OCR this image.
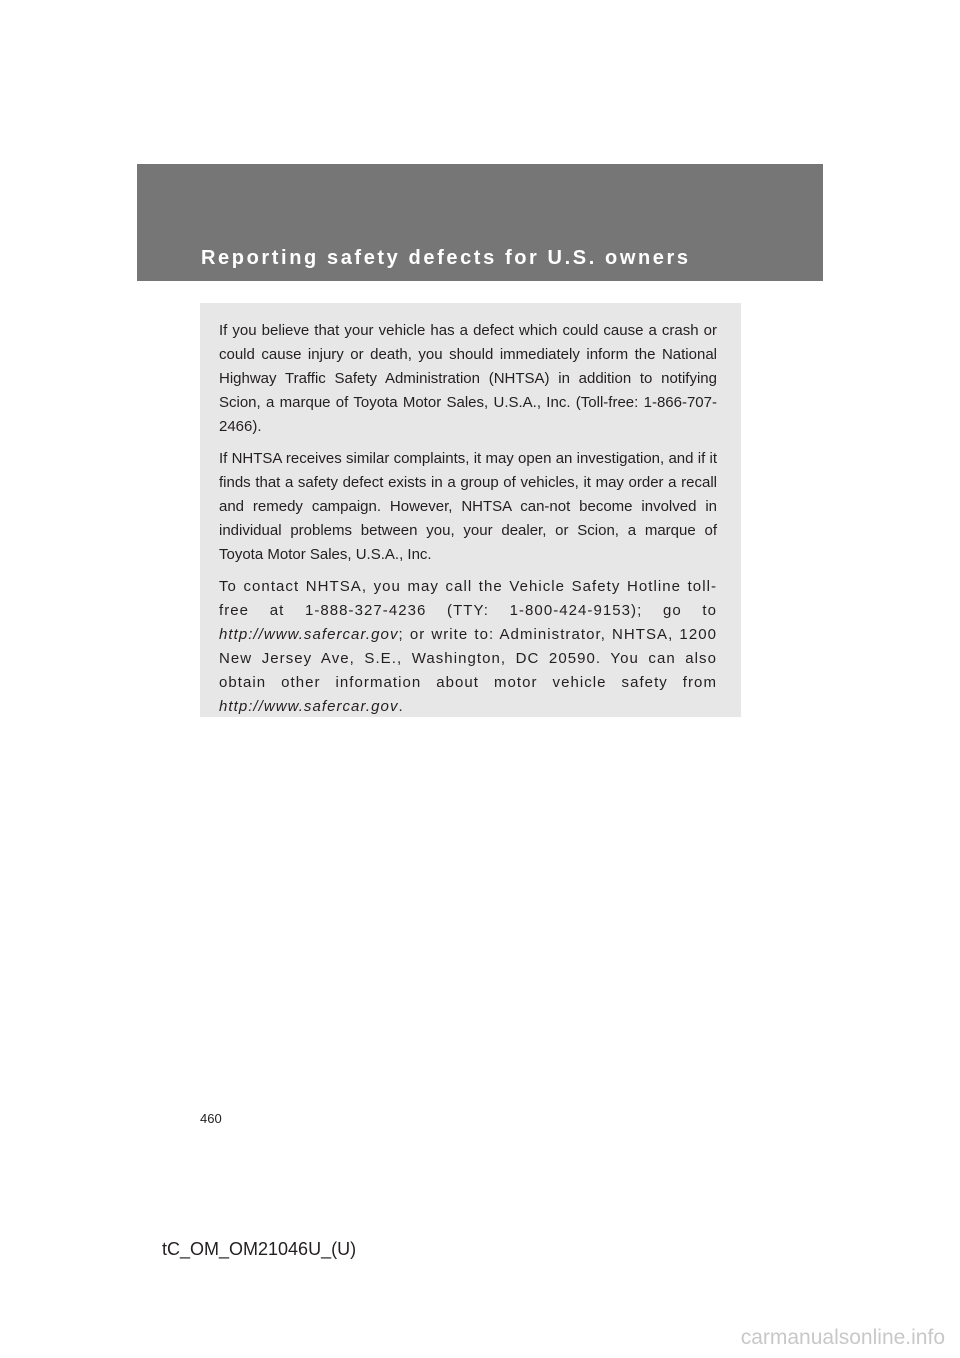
Reporting safety defects for U.S. owners

If you believe that your vehicle has a defect which could cause a crash or could cause injury or death, you should immediately inform the National Highway Traffic Safety Administration (NHTSA) in addition to notifying Scion, a marque of Toyota Motor Sales, U.S.A., Inc. (Toll-free: 1-866-707-2466).

If NHTSA receives similar complaints, it may open an investigation, and if it finds that a safety defect exists in a group of vehicles, it may order a recall and remedy campaign. However, NHTSA can-not become involved in individual problems between you, your dealer, or Scion, a marque of Toyota Motor Sales, U.S.A., Inc.

To contact NHTSA, you may call the Vehicle Safety Hotline toll-free at 1-888-327-4236 (TTY: 1-800-424-9153); go to http://www.safercar.gov; or write to: Administrator, NHTSA, 1200 New Jersey Ave, S.E., Washington, DC 20590. You can also obtain other information about motor vehicle safety from http://www.safercar.gov.

460
tC_OM_OM21046U_(U)
carmanualsonline.info
